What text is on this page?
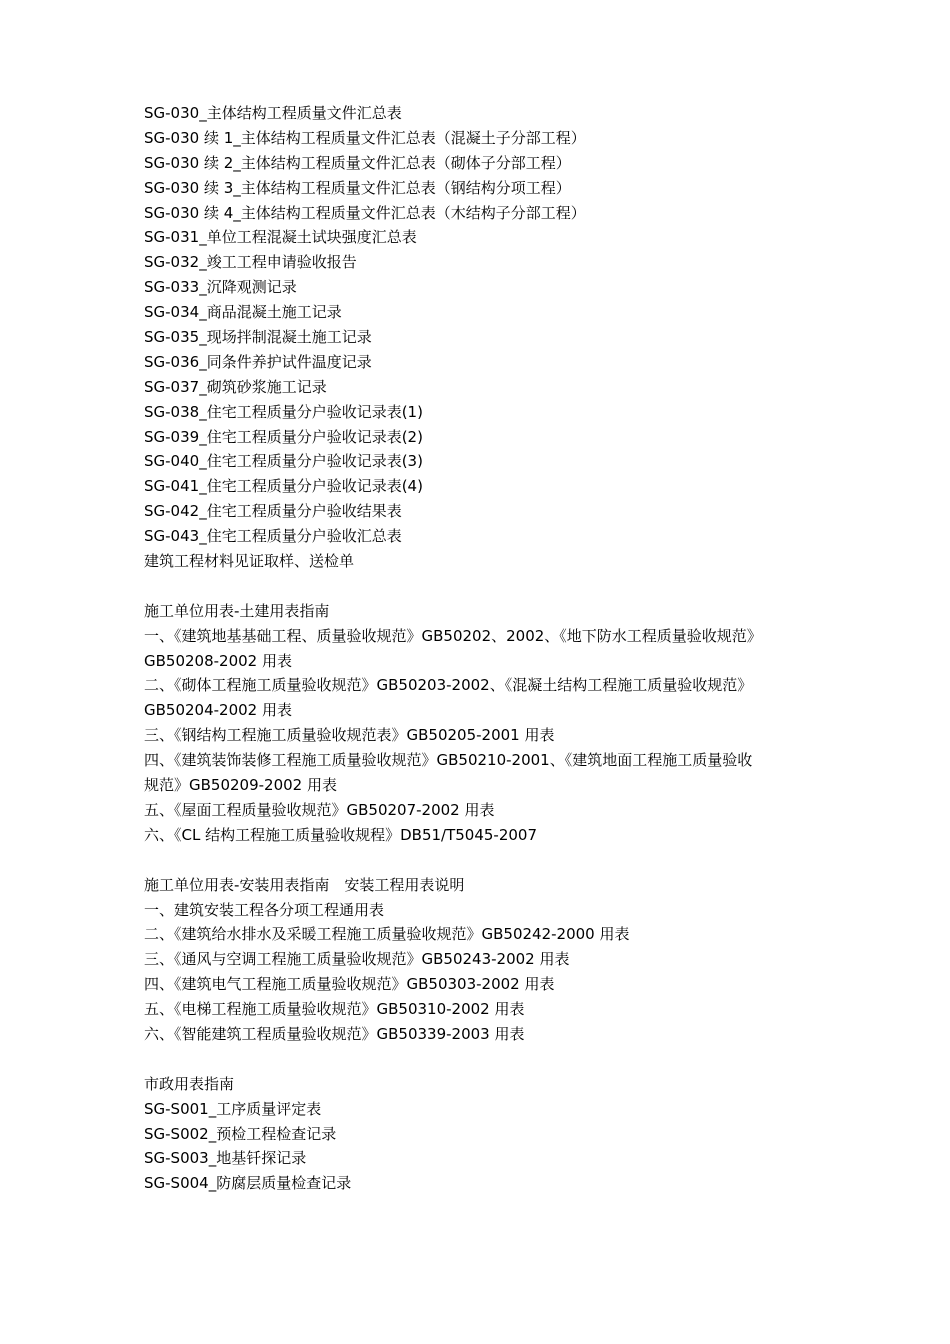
SG-030_主体结构工程质量文件汇总表
SG-030 续 1_主体结构工程质量文件汇总表（混凝土子分部工程）
SG-030 续 2_主体结构工程质量文件汇总表（砌体子分部工程）
SG-030 续 3_主体结构工程质量文件汇总表（钢结构分项工程）
SG-030 续 4_主体结构工程质量文件汇总表（木结构子分部工程）
SG-031_单位工程混凝土试块强度汇总表
SG-032_竣工工程申请验收报告
SG-033_沉降观测记录
SG-034_商品混凝土施工记录
SG-035_现场拌制混凝土施工记录
SG-036_同条件养护试件温度记录
SG-037_砌筑砂浆施工记录
SG-038_住宅工程质量分户验收记录表(1)
SG-039_住宅工程质量分户验收记录表(2)
SG-040_住宅工程质量分户验收记录表(3)
SG-041_住宅工程质量分户验收记录表(4)
SG-042_住宅工程质量分户验收结果表
SG-043_住宅工程质量分户验收汇总表
建筑工程材料见证取样、送检单
施工单位用表-土建用表指南
一、《建筑地基基础工程、质量验收规范》GB50202、2002、《地下防水工程质量验收规范》
GB50208-2002 用表
二、《砌体工程施工质量验收规范》GB50203-2002、《混凝土结构工程施工质量验收规范》
GB50204-2002 用表
三、《钢结构工程施工质量验收规范表》GB50205-2001 用表
四、《建筑装饰装修工程施工质量验收规范》GB50210-2001、《建筑地面工程施工质量验收
规范》GB50209-2002 用表
五、《屋面工程质量验收规范》GB50207-2002 用表
六、《CL 结构工程施工质量验收规程》DB51/T5045-2007
施工单位用表-安装用表指南　安装工程用表说明
一、建筑安装工程各分项工程通用表
二、《建筑给水排水及采暖工程施工质量验收规范》GB50242-2000 用表
三、《通风与空调工程施工质量验收规范》GB50243-2002 用表
四、《建筑电气工程施工质量验收规范》GB50303-2002 用表
五、《电梯工程施工质量验收规范》GB50310-2002 用表
六、《智能建筑工程质量验收规范》GB50339-2003 用表
市政用表指南
SG-S001_工序质量评定表
SG-S002_预检工程检查记录
SG-S003_地基钎探记录
SG-S004_防腐层质量检查记录
